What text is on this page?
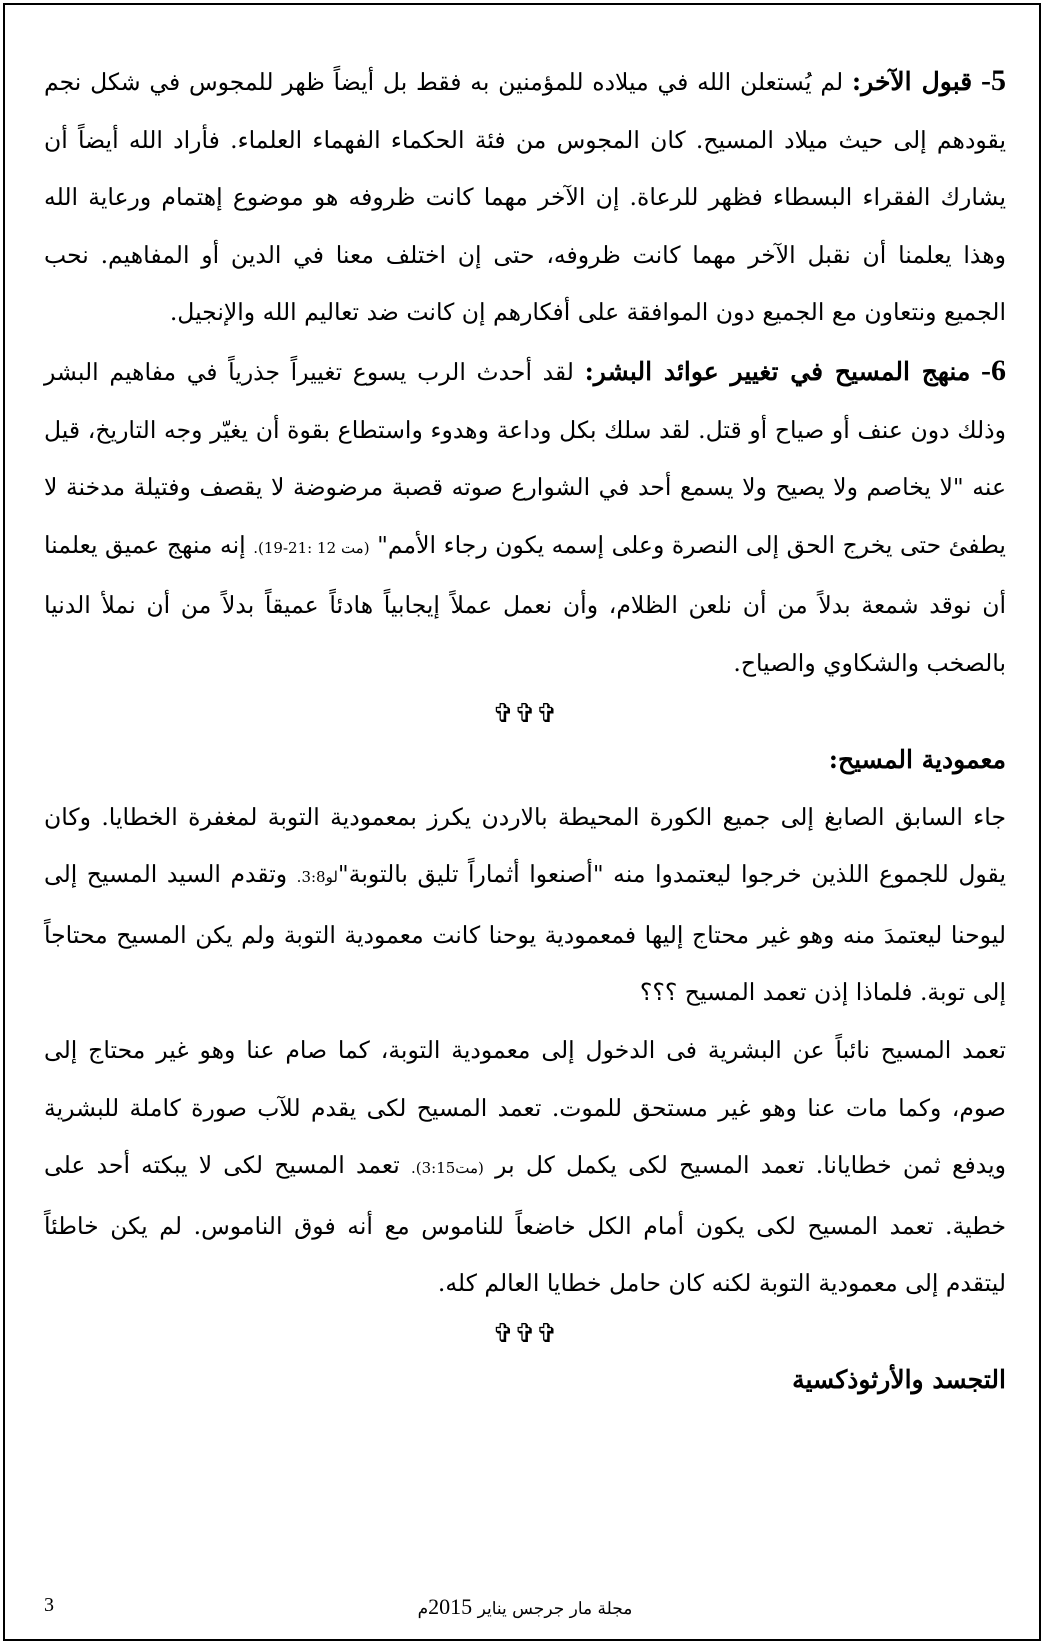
5- قبول الآخر: لم يُستعلن الله في ميلاده للمؤمنين به فقط بل أيضاً ظهر للمجوس في شكل نجم يقودهم إلى حيث ميلاد المسيح. كان المجوس من فئة الحكماء الفهماء العلماء. فأراد الله أيضاً أن يشارك الفقراء البسطاء فظهر للرعاة. إن الآخر مهما كانت ظروفه هو موضوع إهتمام ورعاية الله وهذا يعلمنا أن نقبل الآخر مهما كانت ظروفه، حتى إن اختلف معنا في الدين أو المفاهيم. نحب الجميع ونتعاون مع الجميع دون الموافقة على أفكارهم إن كانت ضد تعاليم الله والإنجيل.

6- منهج المسيح في تغيير عوائد البشر: لقد أحدث الرب يسوع تغييراً جذرياً في مفاهيم البشر وذلك دون عنف أو صياح أو قتل. لقد سلك بكل وداعة وهدوء واستطاع بقوة أن يغيّر وجه التاريخ، قيل عنه "لا يخاصم ولا يصيح ولا يسمع أحد في الشوارع صوته قصبة مرضوضة لا يقصف وفتيلة مدخنة لا يطفئ حتى يخرج الحق إلى النصرة وعلى إسمه يكون رجاء الأمم" (مت 12 :21-19). إنه منهج عميق يعلمنا أن نوقد شمعة بدلاً من أن نلعن الظلام، وأن نعمل عملاً إيجابياً هادئاً عميقاً بدلاً من أن نملأ الدنيا بالصخب والشكاوي والصياح.

✞✞✞
معمودية المسيح:

جاء السابق الصابغ إلى جميع الكورة المحيطة بالاردن يكرز بمعمودية التوبة لمغفرة الخطايا. وكان يقول للجموع اللذين خرجوا ليعتمدوا منه "أصنعوا أثماراً تليق بالتوبة"لو3:8. وتقدم السيد المسيح إلى ليوحنا ليعتمدَ منه وهو غير محتاج إليها فمعمودية يوحنا كانت معمودية التوبة ولم يكن المسيح محتاجاً إلى توبة. فلماذا إذن تعمد المسيح ؟؟؟

تعمد المسيح نائباً عن البشرية فى الدخول إلى معمودية التوبة، كما صام عنا وهو غير محتاج إلى صوم، وكما مات عنا وهو غير مستحق للموت. تعمد المسيح لكى يقدم للآب صورة كاملة للبشرية ويدفع ثمن خطايانا. تعمد المسيح لكى يكمل كل بر (مت3:15). تعمد المسيح لكى لا يبكته أحد على خطية. تعمد المسيح لكى يكون أمام الكل خاضعاً للناموس مع أنه فوق الناموس. لم يكن خاطئاً ليتقدم إلى معمودية التوبة لكنه كان حامل خطايا العالم كله.

✞✞✞
التجسد والأرثوذكسية
3	مجلة مار جرجس يناير 2015م
